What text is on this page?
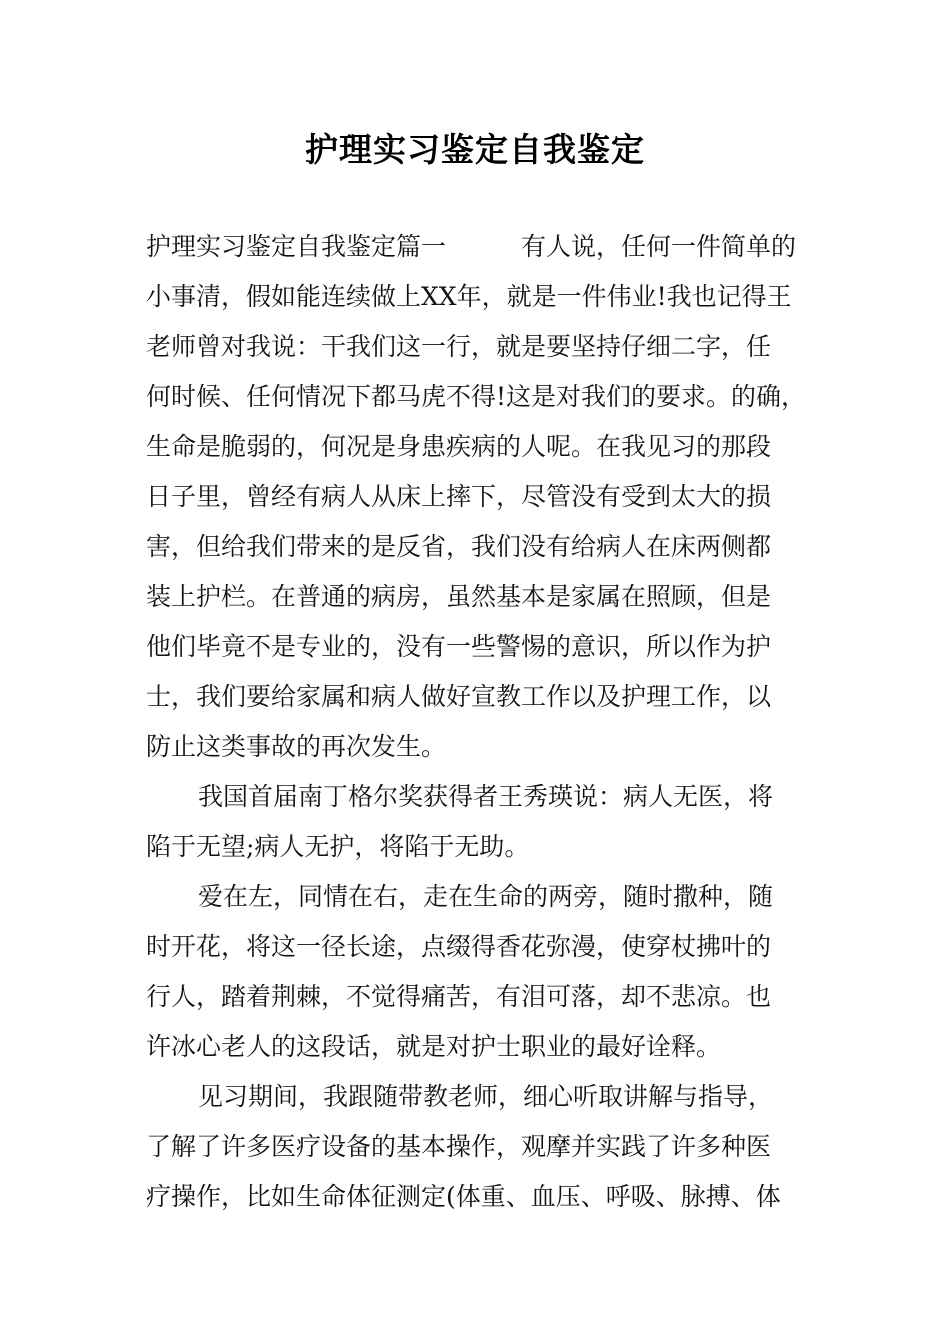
护理实习鉴定自我鉴定
护理实习鉴定自我鉴定篇一　　　有人说，任何一件简单的
小事清，假如能连续做上XX年，就是一件伟业!我也记得王
老师曾对我说：干我们这一行，就是要坚持仔细二字，任
何时候、任何情况下都马虎不得!这是对我们的要求。的确，
生命是脆弱的，何况是身患疾病的人呢。在我见习的那段
日子里，曾经有病人从床上摔下，尽管没有受到太大的损
害，但给我们带来的是反省，我们没有给病人在床两侧都
装上护栏。在普通的病房，虽然基本是家属在照顾，但是
他们毕竟不是专业的，没有一些警惕的意识，所以作为护
士，我们要给家属和病人做好宣教工作以及护理工作，以
防止这类事故的再次发生。
我国首届南丁格尔奖获得者王秀瑛说：病人无医，将
陷于无望;病人无护，将陷于无助。
爱在左，同情在右，走在生命的两旁，随时撒种，随
时开花，将这一径长途，点缀得香花弥漫，使穿杖拂叶的
行人，踏着荆棘，不觉得痛苦，有泪可落，却不悲凉。也
许冰心老人的这段话，就是对护士职业的最好诠释。
见习期间，我跟随带教老师，细心听取讲解与指导，
了解了许多医疗设备的基本操作，观摩并实践了许多种医
疗操作，比如生命体征测定(体重、血压、呼吸、脉搏、体
